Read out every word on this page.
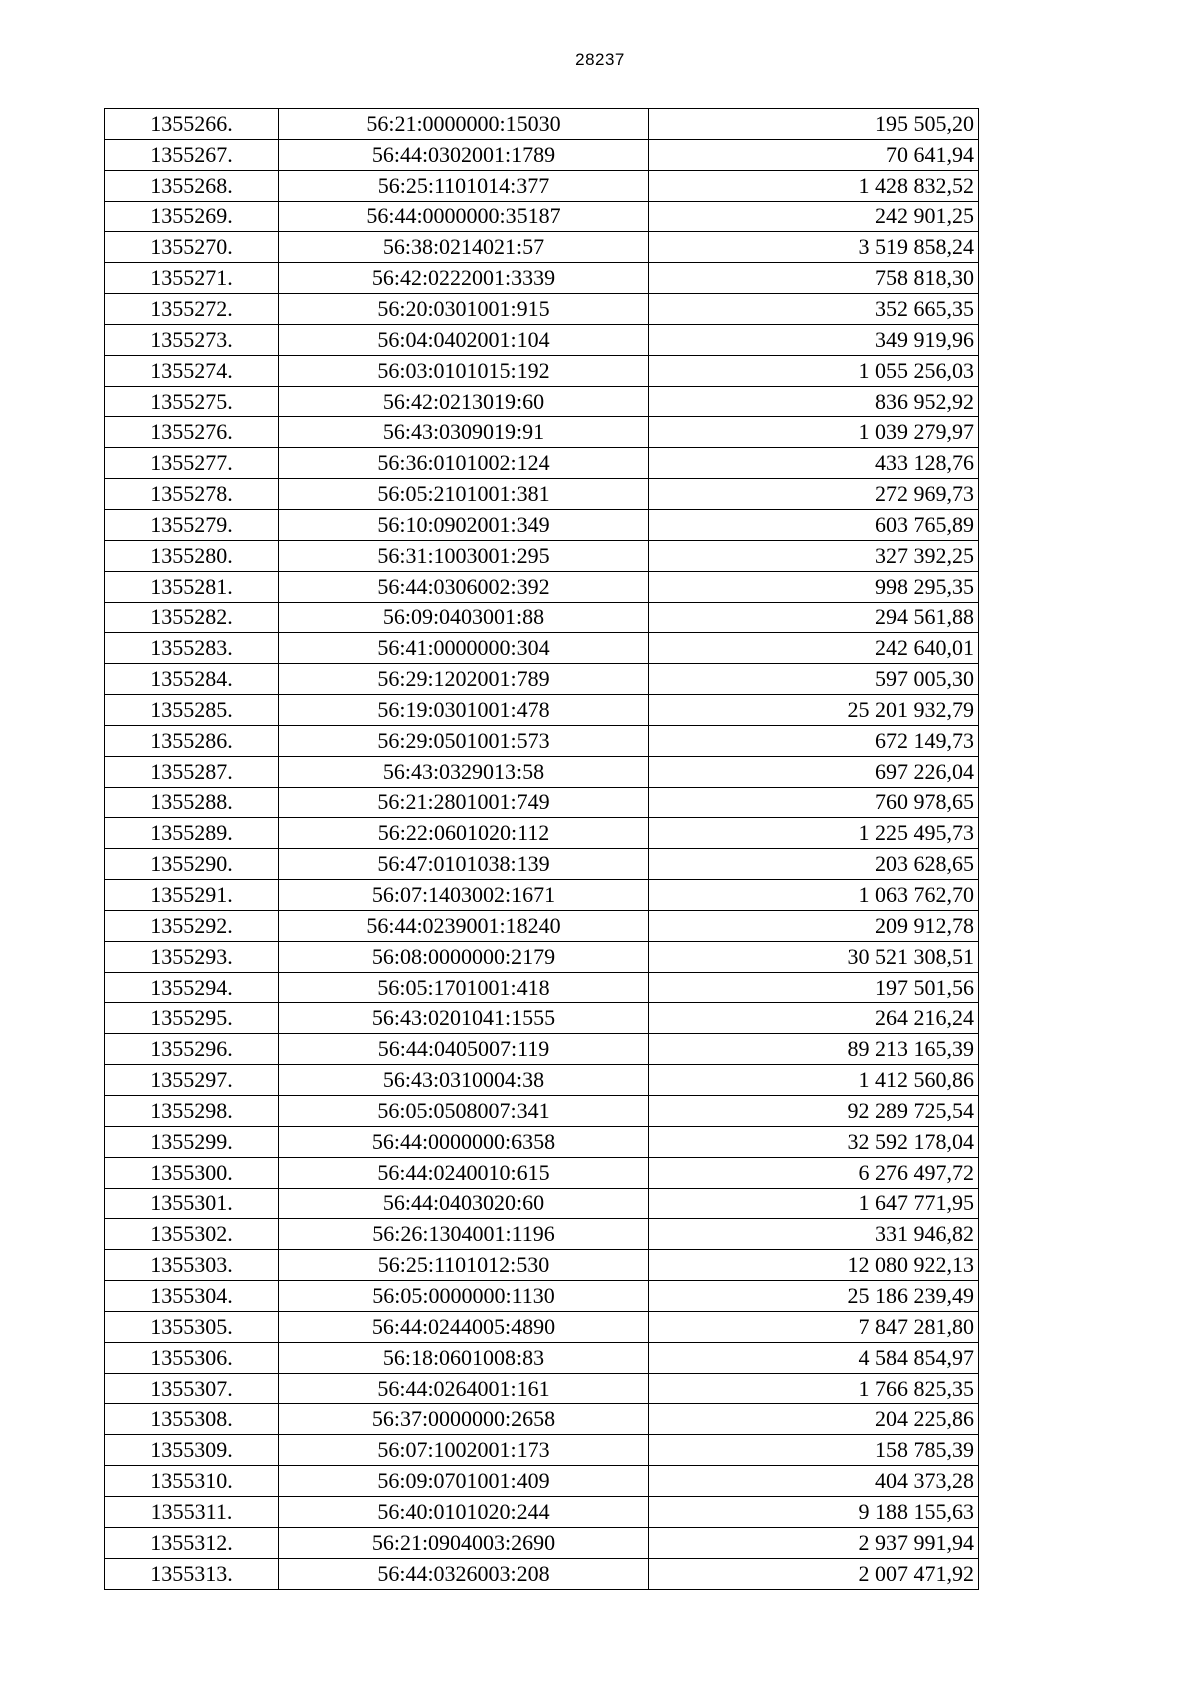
28237
1355266.	56:21:0000000:15030	195 505,20
1355267.	56:44:0302001:1789	70 641,94
1355268.	56:25:1101014:377	1 428 832,52
1355269.	56:44:0000000:35187	242 901,25
1355270.	56:38:0214021:57	3 519 858,24
1355271.	56:42:0222001:3339	758 818,30
1355272.	56:20:0301001:915	352 665,35
1355273.	56:04:0402001:104	349 919,96
1355274.	56:03:0101015:192	1 055 256,03
1355275.	56:42:0213019:60	836 952,92
1355276.	56:43:0309019:91	1 039 279,97
1355277.	56:36:0101002:124	433 128,76
1355278.	56:05:2101001:381	272 969,73
1355279.	56:10:0902001:349	603 765,89
1355280.	56:31:1003001:295	327 392,25
1355281.	56:44:0306002:392	998 295,35
1355282.	56:09:0403001:88	294 561,88
1355283.	56:41:0000000:304	242 640,01
1355284.	56:29:1202001:789	597 005,30
1355285.	56:19:0301001:478	25 201 932,79
1355286.	56:29:0501001:573	672 149,73
1355287.	56:43:0329013:58	697 226,04
1355288.	56:21:2801001:749	760 978,65
1355289.	56:22:0601020:112	1 225 495,73
1355290.	56:47:0101038:139	203 628,65
1355291.	56:07:1403002:1671	1 063 762,70
1355292.	56:44:0239001:18240	209 912,78
1355293.	56:08:0000000:2179	30 521 308,51
1355294.	56:05:1701001:418	197 501,56
1355295.	56:43:0201041:1555	264 216,24
1355296.	56:44:0405007:119	89 213 165,39
1355297.	56:43:0310004:38	1 412 560,86
1355298.	56:05:0508007:341	92 289 725,54
1355299.	56:44:0000000:6358	32 592 178,04
1355300.	56:44:0240010:615	6 276 497,72
1355301.	56:44:0403020:60	1 647 771,95
1355302.	56:26:1304001:1196	331 946,82
1355303.	56:25:1101012:530	12 080 922,13
1355304.	56:05:0000000:1130	25 186 239,49
1355305.	56:44:0244005:4890	7 847 281,80
1355306.	56:18:0601008:83	4 584 854,97
1355307.	56:44:0264001:161	1 766 825,35
1355308.	56:37:0000000:2658	204 225,86
1355309.	56:07:1002001:173	158 785,39
1355310.	56:09:0701001:409	404 373,28
1355311.	56:40:0101020:244	9 188 155,63
1355312.	56:21:0904003:2690	2 937 991,94
1355313.	56:44:0326003:208	2 007 471,92
